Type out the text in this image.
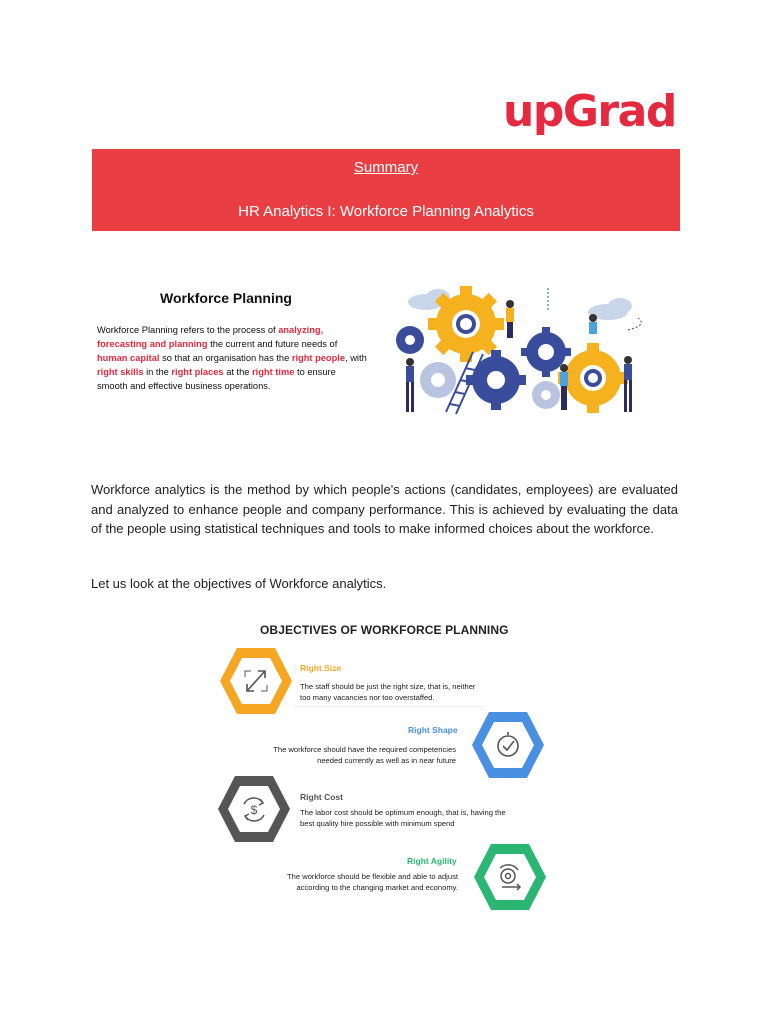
upGrad
Summary
HR Analytics I: Workforce Planning Analytics
Workforce Planning
Workforce Planning refers to the process of analyzing, forecasting and planning the current and future needs of human capital so that an organisation has the right people, with right skills in the right places at the right time to ensure smooth and effective business operations.
Workforce analytics is the method by which people's actions (candidates, employees) are evaluated and analyzed to enhance people and company performance. This is achieved by evaluating the data of the people using statistical techniques and tools to make informed choices about the workforce.
Let us look at the objectives of Workforce analytics.
OBJECTIVES OF WORKFORCE PLANNING
Right Size
The staff should be just the right size, that is, neither
too many vacancies nor too overstaffed.
Right Shape
The workforce should have the required competencies
needed currently as well as in near future
$
Right Cost
The labor cost should be optimum enough, that is, having the
best quality hire possible with minimum spend
Right Agility
The workforce should be flexible and able to adjust
according to the changing market and economy.
